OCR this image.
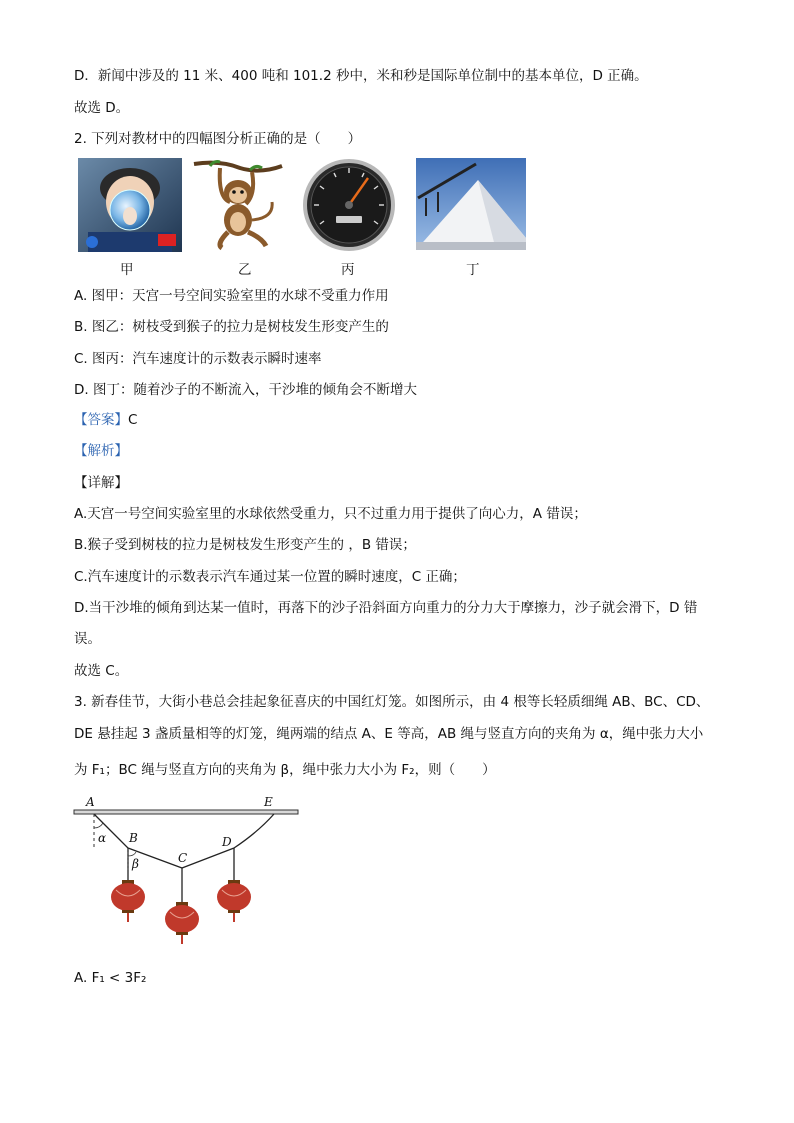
D．新闻中涉及的 11 米、400 吨和 101.2 秒中，米和秒是国际单位制中的基本单位，D 正确。
故选 D。
2. 下列对教材中的四幅图分析正确的是（　　）
甲	乙	丙	丁
A. 图甲：天宫一号空间实验室里的水球不受重力作用
B. 图乙：树枝受到猴子的拉力是树枝发生形变产生的
C. 图丙：汽车速度计的示数表示瞬时速率
D. 图丁：随着沙子的不断流入，干沙堆的倾角会不断增大
【答案】C
【解析】
【详解】
A.天宫一号空间实验室里的水球依然受重力，只不过重力用于提供了向心力，A 错误；
B.猴子受到树枝的拉力是树枝发生形变产生的 ，B 错误；
C.汽车速度计的示数表示汽车通过某一位置的瞬时速度，C 正确；
D.当干沙堆的倾角到达某一值时，再落下的沙子沿斜面方向重力的分力大于摩擦力，沙子就会滑下，D 错
误。
故选 C。
3. 新春佳节，大街小巷总会挂起象征喜庆的中国红灯笼。如图所示，由 4 根等长轻质细绳 AB、BC、CD、
DE 悬挂起 3 盏质量相等的灯笼，绳两端的结点 A、E 等高，AB 绳与竖直方向的夹角为 α，绳中张力大小
为 F₁；BC 绳与竖直方向的夹角为 β，绳中张力大小为 F₂，则（　　）
A	E
B
C
D
α
β
A. F₁ < 3F₂
